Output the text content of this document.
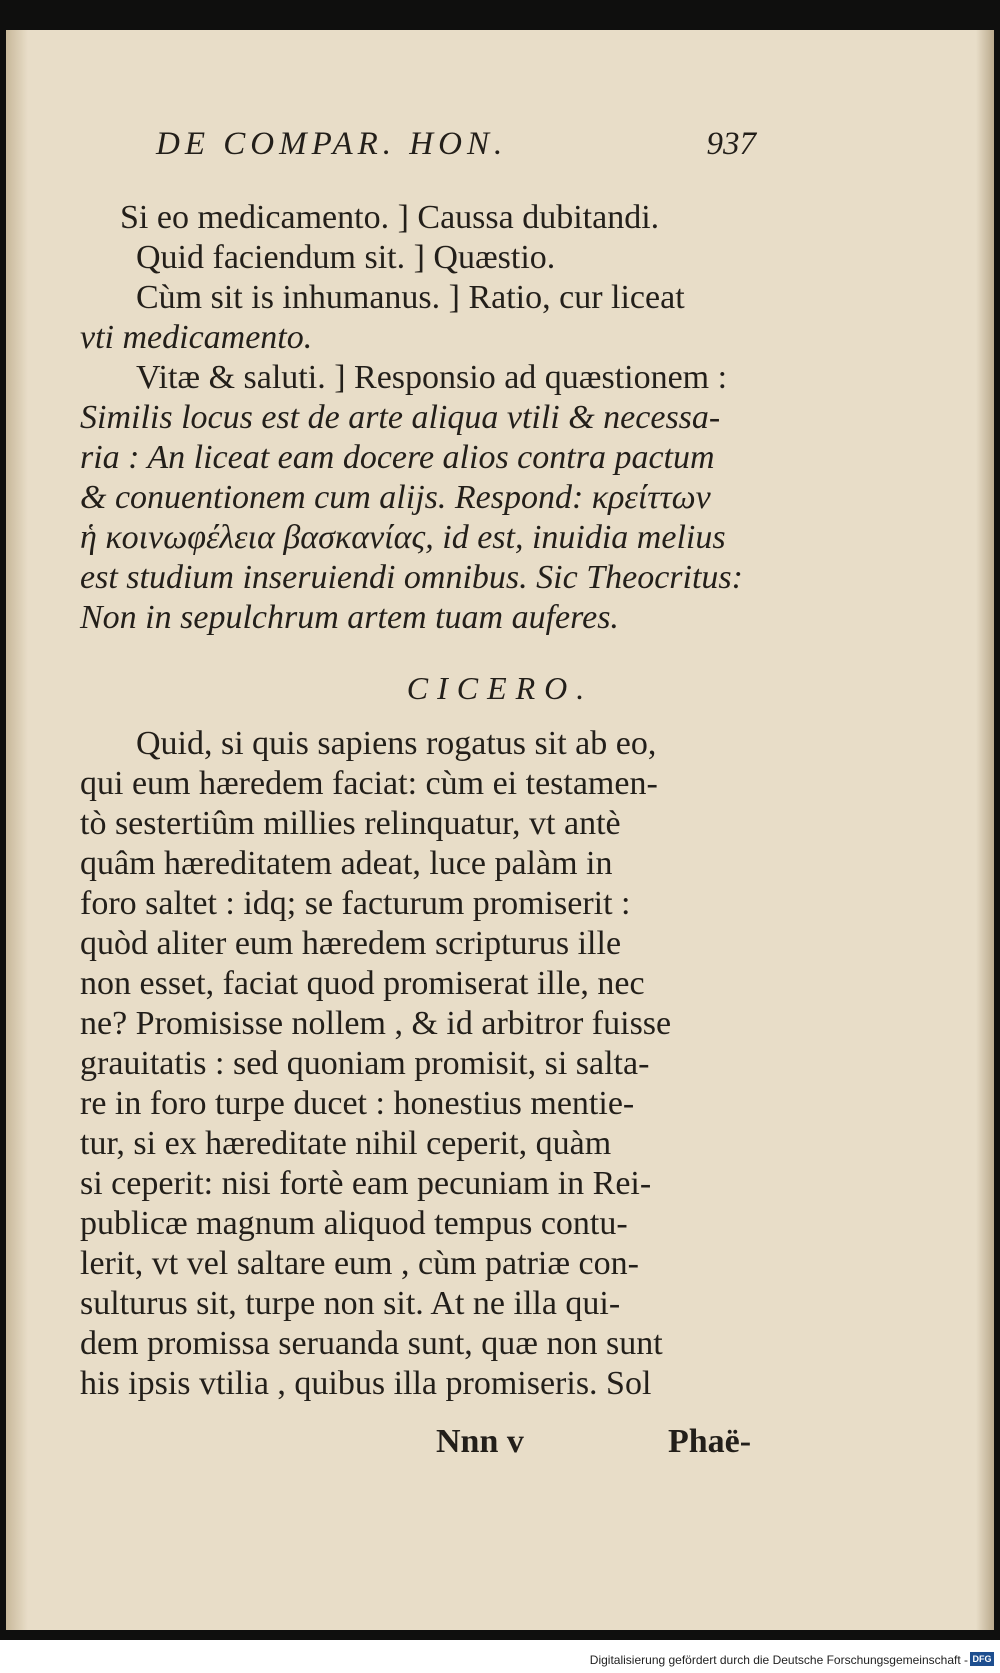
DE COMPAR. HON.	937
Si eo medicamento. ] Caussa dubitandi.
Quid faciendum sit. ] Quæstio.
Cùm sit is inhumanus. ] Ratio, cur liceat
vti medicamento.
Vitæ & saluti. ] Responsio ad quæstionem :
Similis locus est de arte aliqua vtili & necessa-
ria : An liceat eam docere alios contra pactum
& conuentionem cum alijs. Respond: κρείττων
ἡ κοινωφέλεια βασκανίας, id est, inuidia melius
est studium inseruiendi omnibus. Sic Theocritus:
Non in sepulchrum artem tuam auferes.
CICERO.
Quid, si quis sapiens rogatus sit ab eo,
qui eum hæredem faciat: cùm ei testamen-
tò sestertiûm millies relinquatur, vt antè
quâm hæreditatem adeat, luce palàm in
foro saltet : idq; se facturum promiserit :
quòd aliter eum hæredem scripturus ille
non esset, faciat quod promiserat ille, nec
ne? Promisisse nollem , & id arbitror fuisse
grauitatis : sed quoniam promisit, si salta-
re in foro turpe ducet : honestius mentie-
tur, si ex hæreditate nihil ceperit, quàm
si ceperit: nisi fortè eam pecuniam in Rei-
publicæ magnum aliquod tempus contu-
lerit, vt vel saltare eum , cùm patriæ con-
sulturus sit, turpe non sit. At ne illa qui-
dem promissa seruanda sunt, quæ non sunt
his ipsis vtilia , quibus illa promiseris. Sol
Nnn v	Phaë-
Digitalisierung gefördert durch die Deutsche Forschungsgemeinschaft - DFG
